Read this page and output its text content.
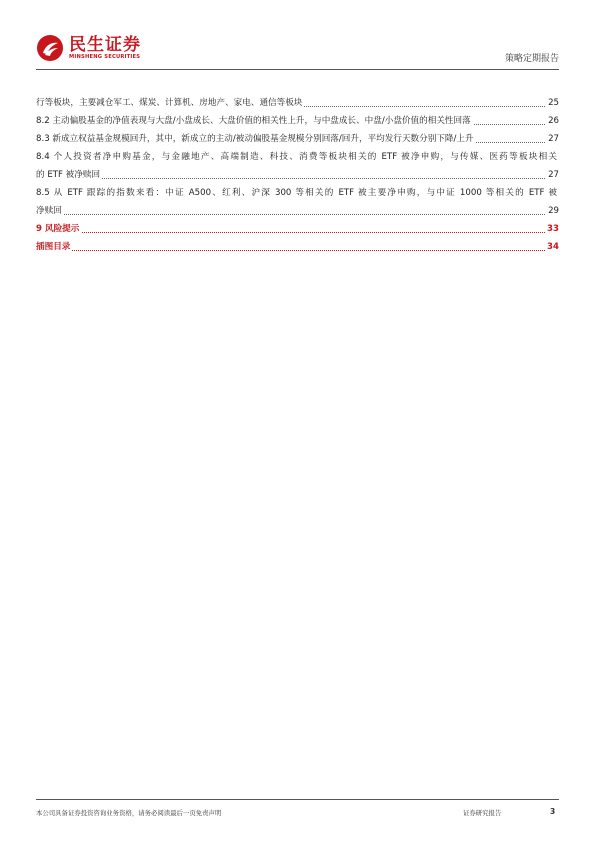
民生证券
MINSHENG SECURITIES	策略定期报告
行等板块，主要减仓军工、煤炭、计算机、房地产、家电、通信等板块	25
8.2 主动偏股基金的净值表现与大盘/小盘成长、大盘价值的相关性上升，与中盘成长、中盘/小盘价值的相关性回落	26
8.3 新成立权益基金规模回升，其中，新成立的主动/被动偏股基金规模分别回落/回升，平均发行天数分别下降/上升	27
8.4 个人投资者净申购基金，与金融地产、高端制造、科技、消费等板块相关的 ETF 被净申购，与传媒、医药等板块相关
的 ETF 被净赎回	27
8.5 从 ETF 跟踪的指数来看：中证 A500、红利、沪深 300 等相关的 ETF 被主要净申购，与中证 1000 等相关的 ETF 被
净赎回	29
9 风险提示	33
插图目录	34
本公司具备证券投资咨询业务资格，请务必阅读最后一页免责声明	证券研究报告	3
